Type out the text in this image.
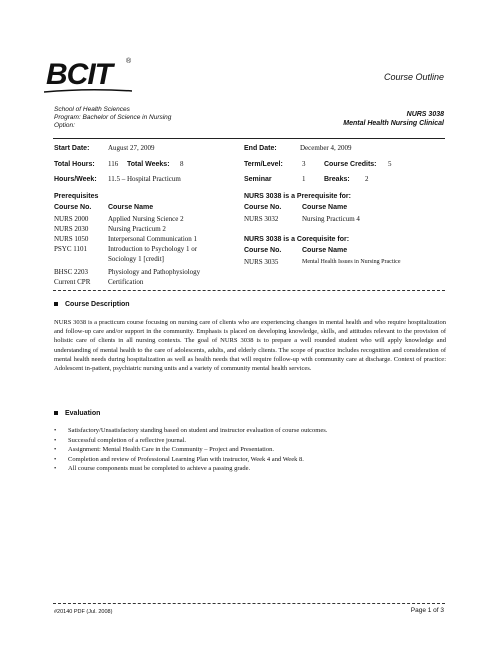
BCIT ®
Course Outline
School of Health Sciences
Program: Bachelor of Science in Nursing
Option:
NURS 3038
Mental Health Nursing Clinical
Start Date:	August 27, 2009	End Date:	December 4, 2009
Total Hours: 116 Total Weeks: 8	Term/Level:	3	Course Credits: 5
Hours/Week: 11.5 – Hospital Practicum	Seminar	1	Breaks: 2
Prerequisites
Course No. Course Name
NURS 2000	Applied Nursing Science 2
NURS 2030	Nursing Practicum 2
NURS 1050	Interpersonal Communication 1
PSYC 1101	Introduction to Psychology 1 or
Sociology 1 [credit]
BHSC 2203	Physiology and Pathophysiology
Current CPR	Certification
NURS 3038 is a Prerequisite for:
Course No.	Course Name
NURS 3032	Nursing Practicum 4
NURS 3038 is a Corequisite for:
Course No.	Course Name
NURS 3035	Mental Health Issues in Nursing Practice
Course Description
NURS 3038 is a practicum course focusing on nursing care of clients who are experiencing changes in mental health and who require hospitalization and follow-up care and/or support in the community. Emphasis is placed on developing knowledge, skills, and attitudes relevant to the provision of holistic care of clients in all nursing contexts. The goal of NURS 3038 is to prepare a well rounded student who will apply knowledge and understanding of mental health to the care of adolescents, adults, and elderly clients. The scope of practice includes recognition and consideration of mental health needs during hospitalization as well as health needs that will require follow-up with community care at discharge. Context of practice: Adolescent in-patient, psychiatric nursing units and a variety of community mental health services.
Evaluation
• Satisfactory/Unsatisfactory standing based on student and instructor evaluation of course outcomes.
• Successful completion of a reflective journal.
• Assignment: Mental Health Care in the Community – Project and Presentation.
• Completion and review of Professional Learning Plan with instructor, Week 4 and Week 8.
• All course components must be completed to achieve a passing grade.
#20140 PDF (Jul. 2008)	Page 1 of 3
